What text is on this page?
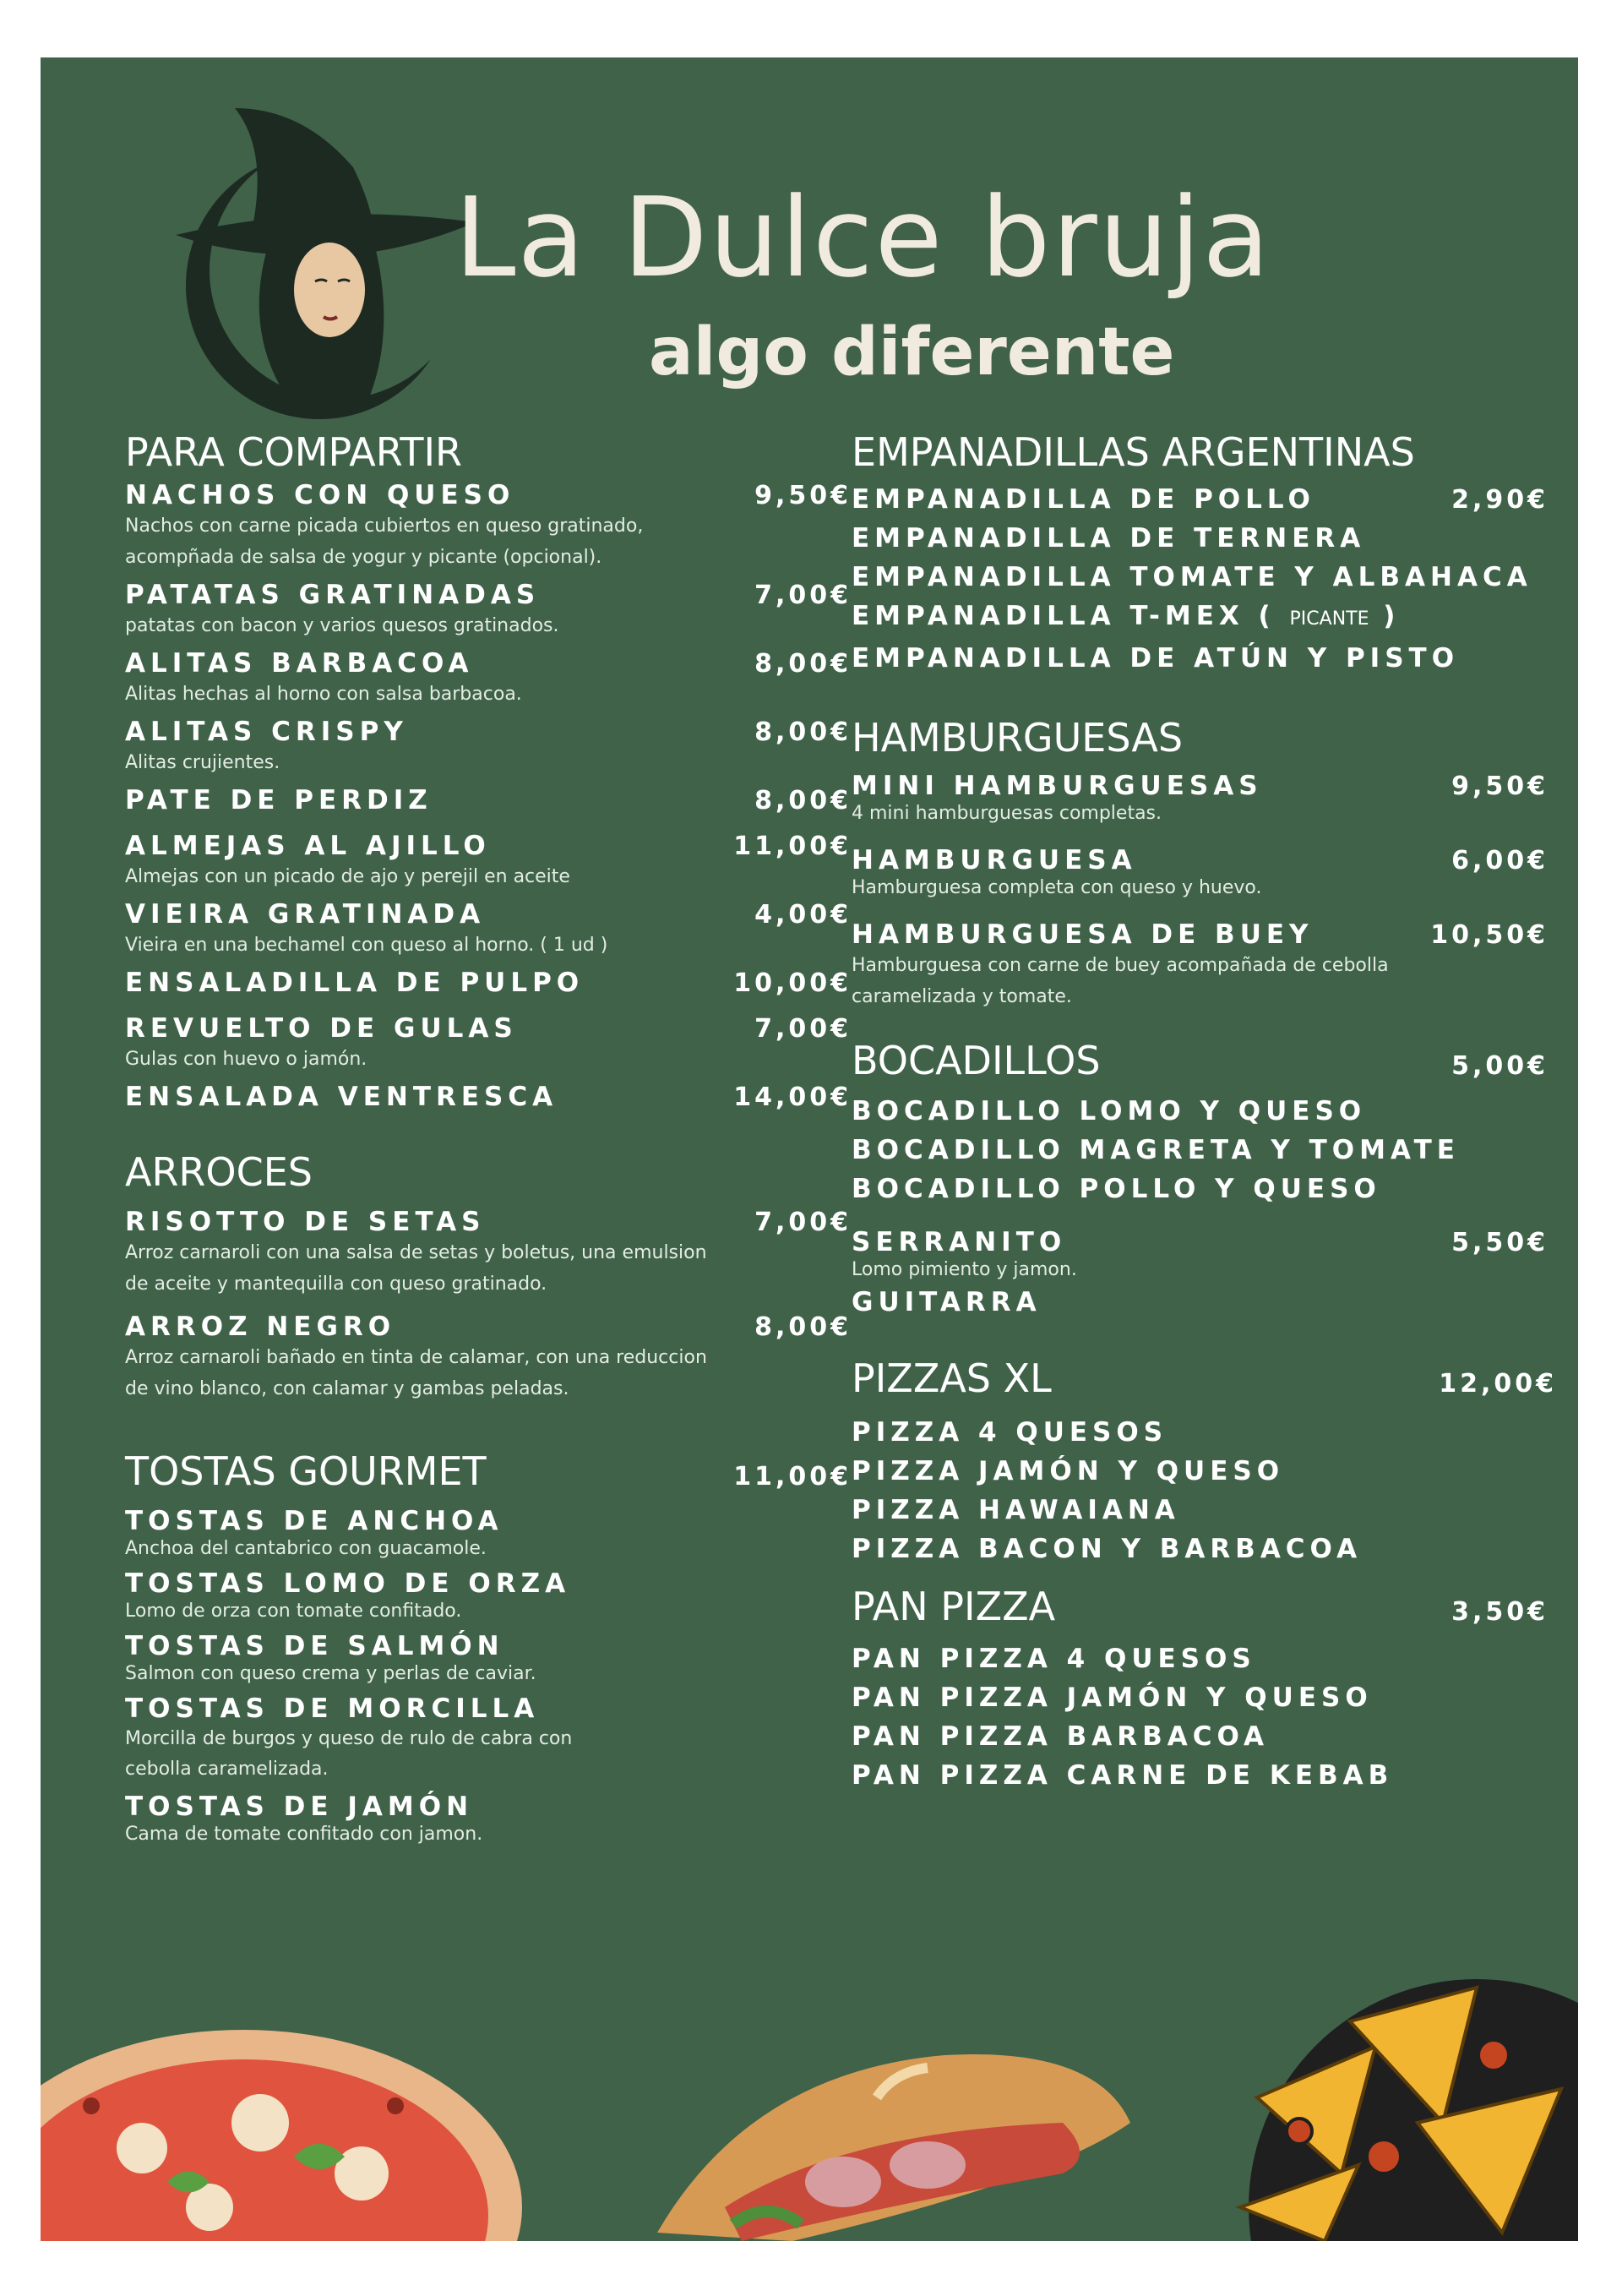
La Dulce bruja
algo diferente
PARA COMPARTIR
NACHOS CON QUESO	9,50€
Nachos con carne picada cubiertos en queso gratinado, acompñada de salsa de yogur y picante (opcional).
PATATAS GRATINADAS	7,00€
patatas con bacon y varios quesos gratinados.
ALITAS BARBACOA	8,00€
Alitas hechas al horno con salsa barbacoa.
ALITAS CRISPY	8,00€
Alitas crujientes.
PATE DE PERDIZ	8,00€
ALMEJAS AL AJILLO	11,00€
Almejas con un picado de ajo y perejil en aceite
VIEIRA GRATINADA	4,00€
Vieira en una bechamel con queso al horno. ( 1 ud )
ENSALADILLA DE PULPO	10,00€
REVUELTO DE GULAS	7,00€
Gulas con huevo o jamón.
ENSALADA VENTRESCA	14,00€
ARROCES
RISOTTO DE SETAS	7,00€
Arroz carnaroli con una salsa de setas y boletus, una emulsion de aceite y mantequilla con queso gratinado.
ARROZ NEGRO	8,00€
Arroz carnaroli bañado en tinta de calamar, con una reduccion de vino blanco, con calamar y gambas peladas.
TOSTAS GOURMET	11,00€
TOSTAS DE ANCHOA
Anchoa del cantabrico con guacamole.
TOSTAS LOMO DE ORZA
Lomo de orza con tomate confitado.
TOSTAS DE SALMÓN
Salmon con queso crema y perlas de caviar.
TOSTAS DE MORCILLA
Morcilla de burgos y queso de rulo de cabra con cebolla caramelizada.
TOSTAS DE JAMÓN
Cama de tomate confitado con jamon.
EMPANADILLAS ARGENTINAS
EMPANADILLA DE POLLO	2,90€
EMPANADILLA DE TERNERA
EMPANADILLA TOMATE Y ALBAHACA
EMPANADILLA T-MEX ( PICANTE )
EMPANADILLA DE ATÚN Y PISTO
HAMBURGUESAS
MINI HAMBURGUESAS	9,50€
4 mini hamburguesas completas.
HAMBURGUESA	6,00€
Hamburguesa completa con queso y huevo.
HAMBURGUESA DE BUEY	10,50€
Hamburguesa con carne de buey acompañada de cebolla caramelizada y tomate.
BOCADILLOS	5,00€
BOCADILLO LOMO Y QUESO
BOCADILLO MAGRETA Y TOMATE
BOCADILLO POLLO Y QUESO
SERRANITO	5,50€
Lomo pimiento y jamon.
GUITARRA
PIZZAS XL	12,00€
PIZZA 4 QUESOS
PIZZA JAMÓN Y QUESO
PIZZA HAWAIANA
PIZZA BACON Y BARBACOA
PAN PIZZA	3,50€
PAN PIZZA 4 QUESOS
PAN PIZZA JAMÓN Y QUESO
PAN PIZZA BARBACOA
PAN PIZZA CARNE DE KEBAB
